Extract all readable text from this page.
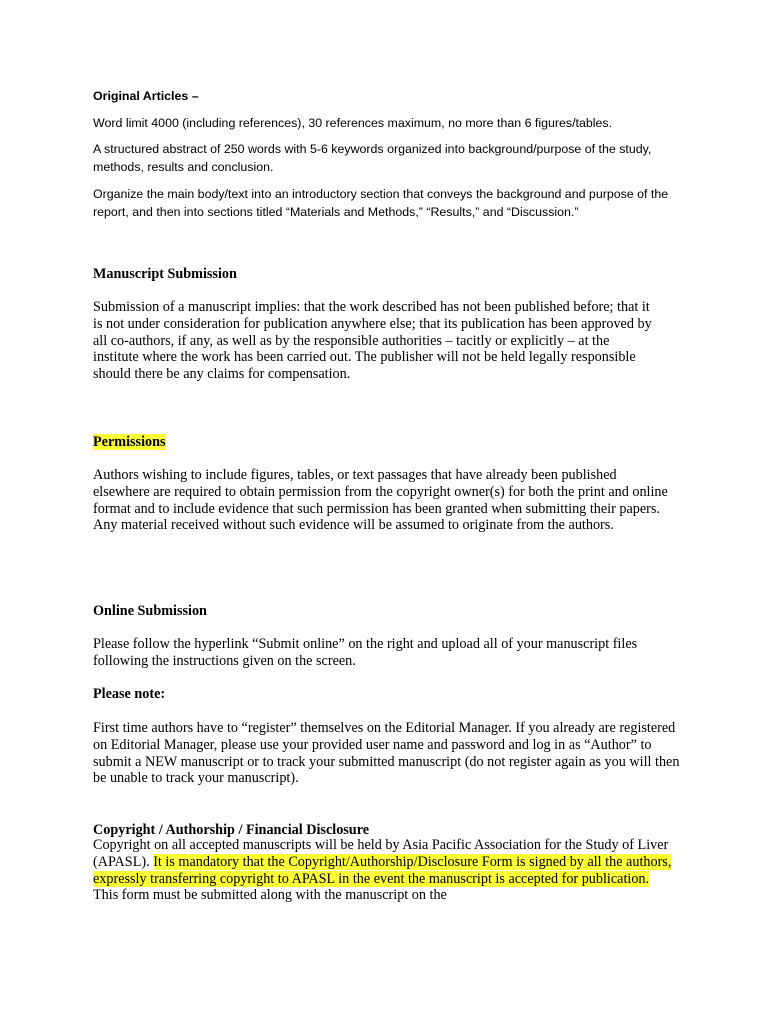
Original Articles –

Word limit 4000 (including references), 30 references maximum, no more than 6 figures/tables.

A structured abstract of 250 words with 5-6 keywords organized into background/purpose of the study, methods, results and conclusion.

Organize the main body/text into an introductory section that conveys the background and purpose of the report, and then into sections titled “Materials and Methods,” “Results,” and “Discussion.”

Manuscript Submission

Submission of a manuscript implies: that the work described has not been published before; that it is not under consideration for publication anywhere else; that its publication has been approved by all co-authors, if any, as well as by the responsible authorities – tacitly or explicitly – at the institute where the work has been carried out. The publisher will not be held legally responsible should there be any claims for compensation.

Permissions

Authors wishing to include figures, tables, or text passages that have already been published elsewhere are required to obtain permission from the copyright owner(s) for both the print and online format and to include evidence that such permission has been granted when submitting their papers. Any material received without such evidence will be assumed to originate from the authors.

Online Submission

Please follow the hyperlink “Submit online” on the right and upload all of your manuscript files following the instructions given on the screen.

Please note:

First time authors have to “register” themselves on the Editorial Manager. If you already are registered on Editorial Manager, please use your provided user name and password and log in as “Author” to submit a NEW manuscript or to track your submitted manuscript (do not register again as you will then be unable to track your manuscript).

Copyright / Authorship / Financial Disclosure

Copyright on all accepted manuscripts will be held by Asia Pacific Association for the Study of Liver (APASL). It is mandatory that the Copyright/Authorship/Disclosure Form is signed by all the authors, expressly transferring copyright to APASL in the event the manuscript is accepted for publication. This form must be submitted along with the manuscript on the
